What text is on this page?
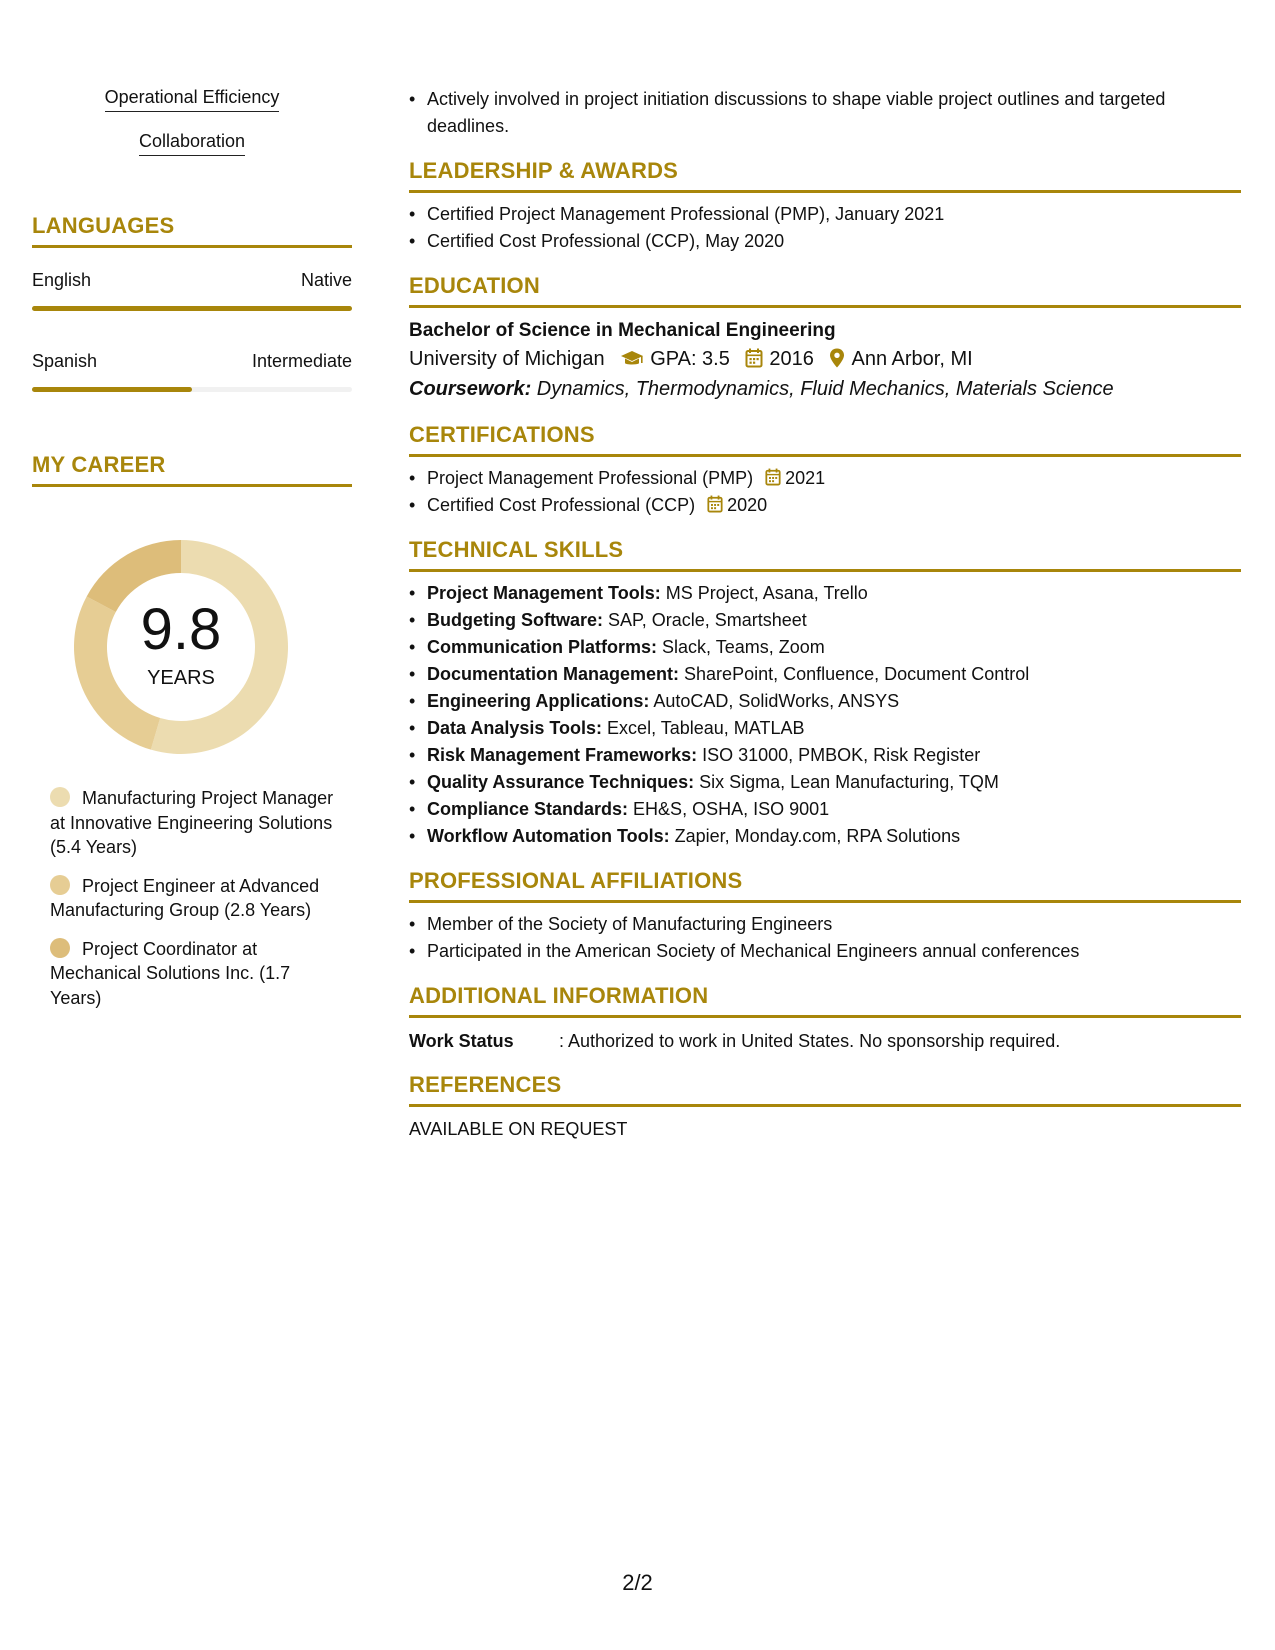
Operational Efficiency
Collaboration
LANGUAGES
English	Native
Spanish	Intermediate
MY CAREER
9.8
YEARS
Manufacturing Project Manager at Innovative Engineering Solutions (5.4 Years)
Project Engineer at Advanced Manufacturing Group (2.8 Years)
Project Coordinator at Mechanical Solutions Inc. (1.7 Years)
• Actively involved in project initiation discussions to shape viable project outlines and targeted deadlines.
LEADERSHIP & AWARDS
• Certified Project Management Professional (PMP), January 2021
• Certified Cost Professional (CCP), May 2020
EDUCATION
Bachelor of Science in Mechanical Engineering
University of Michigan GPA: 3.5 2016 Ann Arbor, MI
Coursework: Dynamics, Thermodynamics, Fluid Mechanics, Materials Science
CERTIFICATIONS
• Project Management Professional (PMP) 2021
• Certified Cost Professional (CCP) 2020
TECHNICAL SKILLS
• Project Management Tools: MS Project, Asana, Trello
• Budgeting Software: SAP, Oracle, Smartsheet
• Communication Platforms: Slack, Teams, Zoom
• Documentation Management: SharePoint, Confluence, Document Control
• Engineering Applications: AutoCAD, SolidWorks, ANSYS
• Data Analysis Tools: Excel, Tableau, MATLAB
• Risk Management Frameworks: ISO 31000, PMBOK, Risk Register
• Quality Assurance Techniques: Six Sigma, Lean Manufacturing, TQM
• Compliance Standards: EH&S, OSHA, ISO 9001
• Workflow Automation Tools: Zapier, Monday.com, RPA Solutions
PROFESSIONAL AFFILIATIONS
• Member of the Society of Manufacturing Engineers
• Participated in the American Society of Mechanical Engineers annual conferences
ADDITIONAL INFORMATION
Work Status	: Authorized to work in United States. No sponsorship required.
REFERENCES
AVAILABLE ON REQUEST
2/2
